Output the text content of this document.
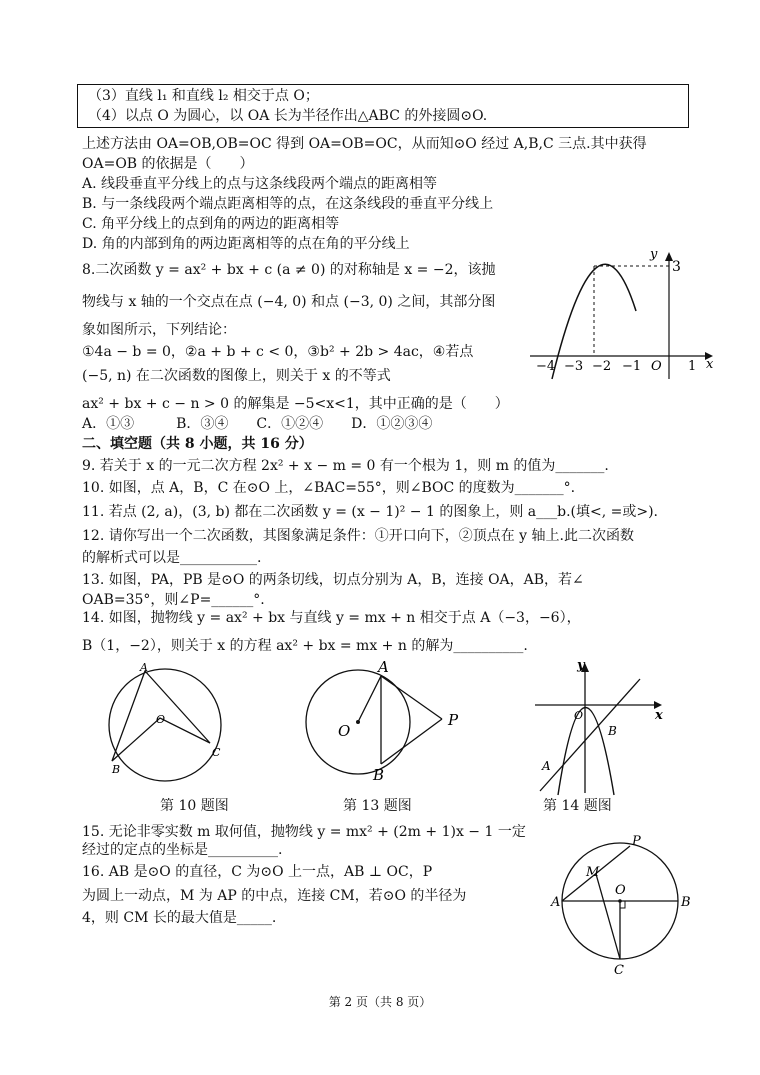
（3）直线 l₁ 和直线 l₂ 相交于点 O；
（4）以点 O 为圆心，以 OA 长为半径作出△ABC 的外接圆⊙O.
上述方法由 OA=OB,OB=OC 得到 OA=OB=OC，从而知⊙O 经过 A,B,C 三点.其中获得
OA=OB 的依据是（　　）
A. 线段垂直平分线上的点与这条线段两个端点的距离相等
B. 与一条线段两个端点距离相等的点，在这条线段的垂直平分线上
C. 角平分线上的点到角的两边的距离相等
D. 角的内部到角的两边距离相等的点在角的平分线上
8.二次函数 y = ax² + bx + c (a ≠ 0) 的对称轴是 x = −2，该抛
物线与 x 轴的一个交点在点 (−4, 0) 和点 (−3, 0) 之间，其部分图
象如图所示，下列结论：
①4a − b = 0，②a + b + c < 0，③b² + 2b > 4ac，④若点
(−5, n) 在二次函数的图像上，则关于 x 的不等式
ax² + bx + c − n > 0 的解集是 −5<x<1，其中正确的是（　　）
A．①③　　　B．③④　　C．①②④　　D．①②③④
y
x
3
−4 −3 −2 −1 O 1
二、填空题（共 8 小题，共 16 分）
9. 若关于 x 的一元二次方程 2x² + x − m = 0 有一个根为 1，则 m 的值为_______.
10. 如图，点 A，B，C 在⊙O 上，∠BAC=55°，则∠BOC 的度数为_______°.
11. 若点 (2, a)，(3, b) 都在二次函数 y = (x − 1)² − 1 的图象上，则 a___b.(填<, =或>).
12. 请你写出一个二次函数，其图象满足条件：①开口向下，②顶点在 y 轴上.此二次函数
的解析式可以是___________.
13. 如图，PA，PB 是⊙O 的两条切线，切点分别为 A，B，连接 OA，AB，若∠
OAB=35°，则∠P=______°.
14. 如图，抛物线 y = ax² + bx 与直线 y = mx + n 相交于点 A（−3，−6），
B（1，−2），则关于 x 的方程 ax² + bx = mx + n 的解为__________.
A
B
C
O
第 10 题图
A
B
O
P
第 13 题图
y
x
O
A
B
第 14 题图
15. 无论非零实数 m 取何值，抛物线 y = mx² + (2m + 1)x − 1 一定
经过的定点的坐标是__________.
16. AB 是⊙O 的直径，C 为⊙O 上一点，AB ⊥ OC，P
为圆上一动点，M 为 AP 的中点，连接 CM，若⊙O 的半径为
4，则 CM 长的最大值是_____.
P
M
O
A	B
C
第 2 页（共 8 页）
